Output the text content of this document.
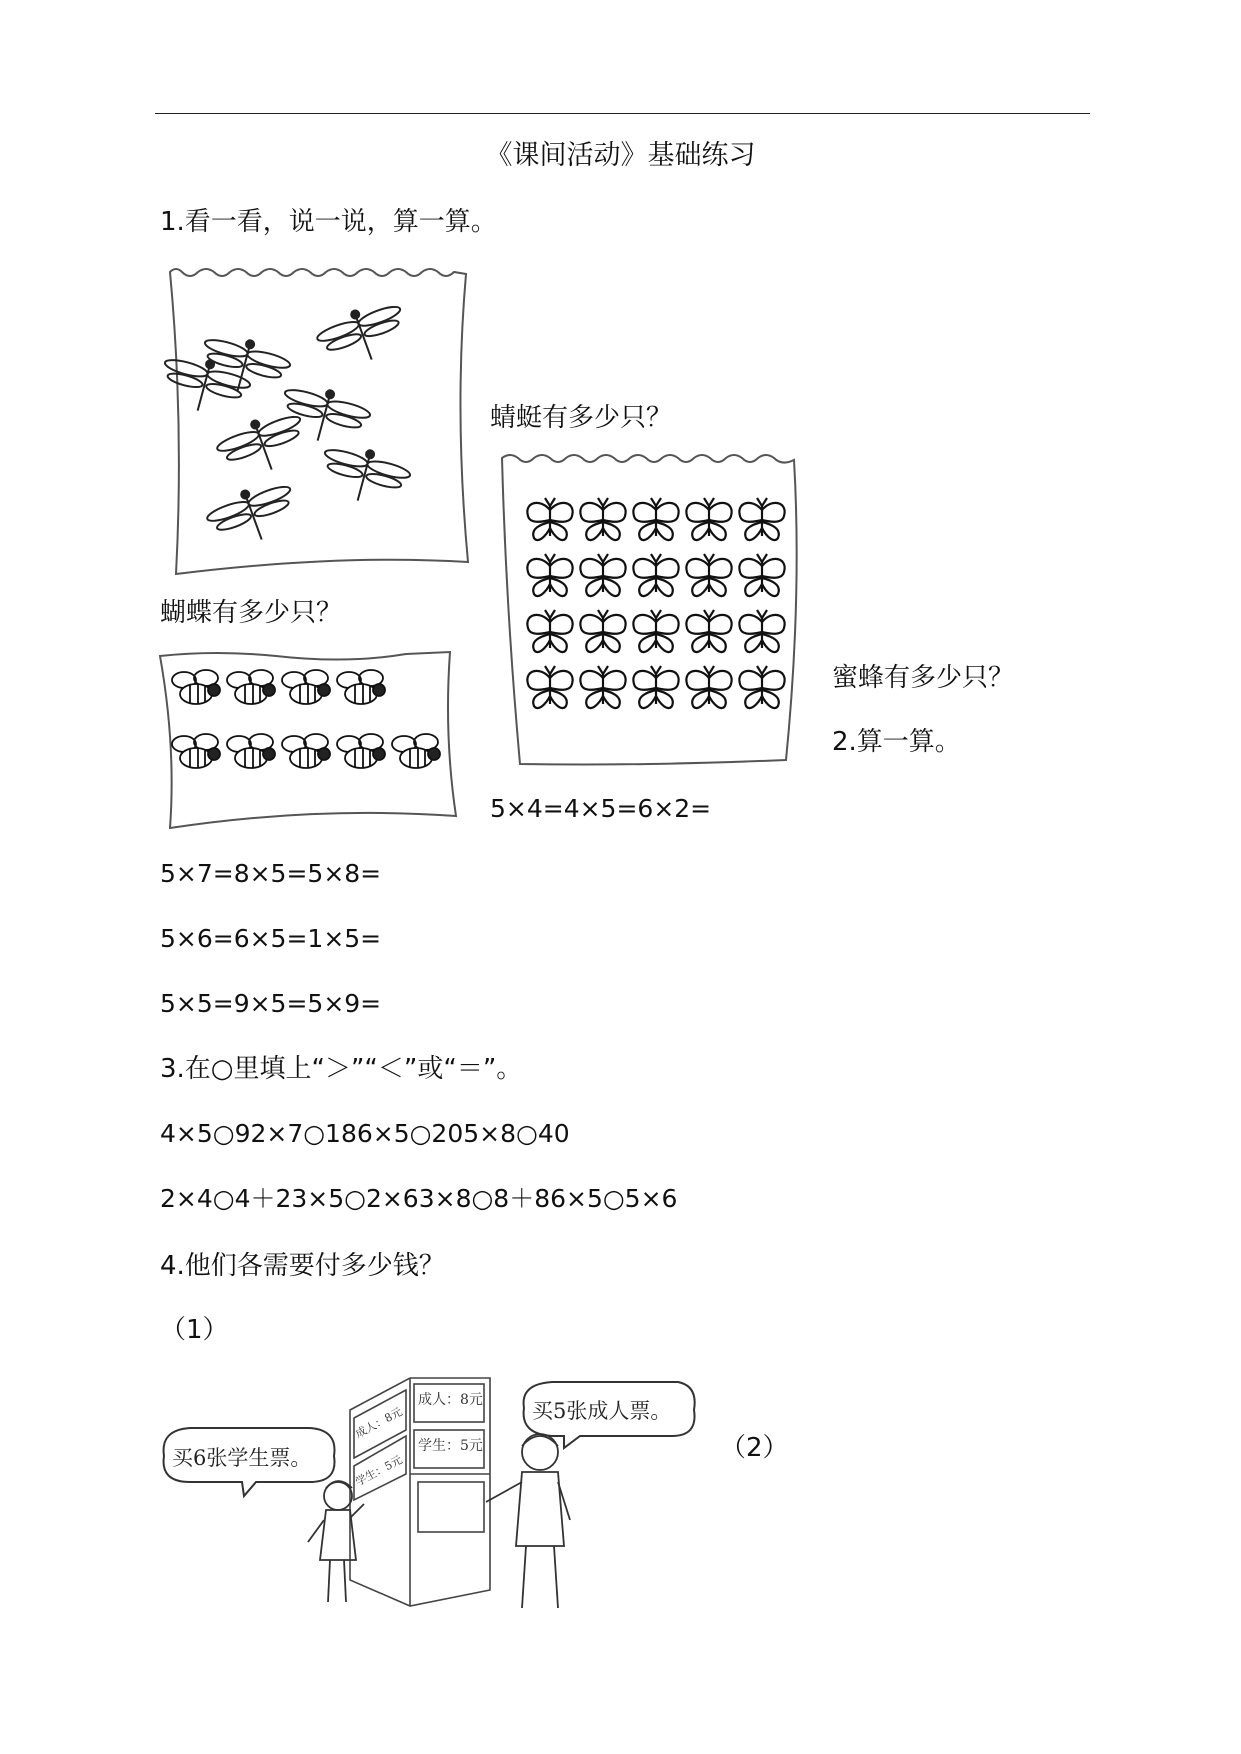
《课间活动》基础练习
1.看一看，说一说，算一算。
蜻蜓有多少只？
蝴蝶有多少只？
蜜蜂有多少只？
2.算一算。
5×4=4×5=6×2=
5×7=8×5=5×8=
5×6=6×5=1×5=
5×5=9×5=5×9=
3.在○里填上“＞”“＜”或“＝”。
4×5○92×7○186×5○205×8○40
2×4○4＋23×5○2×63×8○8＋86×5○5×6
4.他们各需要付多少钱？
（1）
买6张学生票。
买5张成人票。
成人：8元
学生：5元
成人：8元
学生：5元
（2）
